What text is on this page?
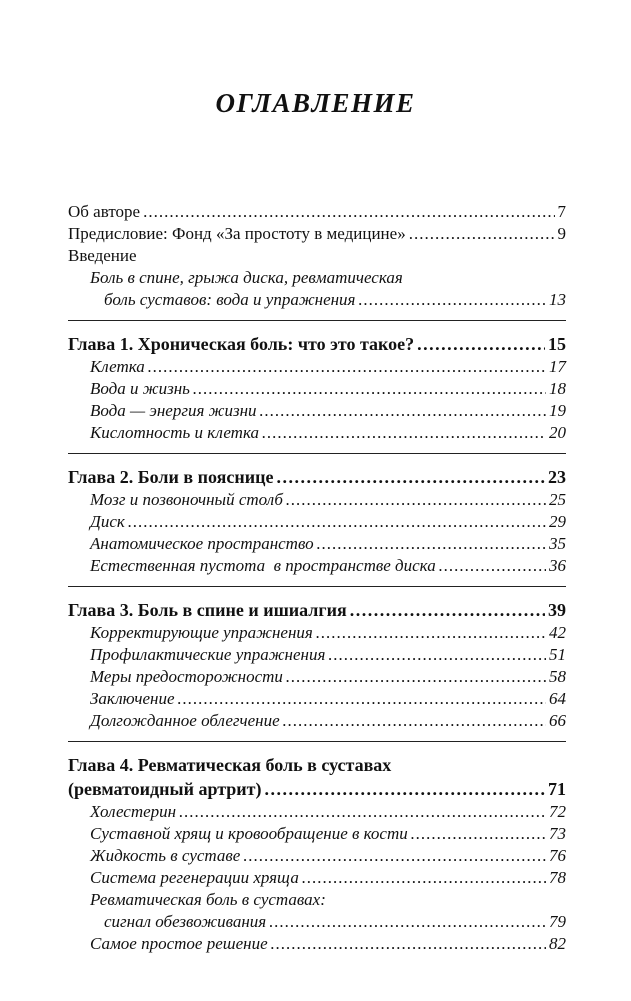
ОГЛАВЛЕНИЕ
Об авторе .....	7
Предисловие: Фонд «За простоту в медицине» .....	9
Введение
Боль в спине, грыжа диска, ревматическая
боль суставов: вода и упражнения .....	13
Глава 1. Хроническая боль: что это такое? .....	15
Клетка .....	17
Вода и жизнь .....	18
Вода — энергия жизни .....	19
Кислотность и клетка .....	20
Глава 2. Боли в пояснице .....	23
Мозг и позвоночный столб .....	25
Диск .....	29
Анатомическое пространство .....	35
Естественная пустота  в пространстве диска .....	36
Глава 3. Боль в спине и ишиалгия .....	39
Корректирующие упражнения .....	42
Профилактические упражнения .....	51
Меры предосторожности .....	58
Заключение .....	64
Долгожданное облегчение .....	66
Глава 4. Ревматическая боль в суставах
(ревматоидный артрит) .....	71
Холестерин .....	72
Суставной хрящ и кровообращение в кости .....	73
Жидкость в суставе .....	76
Система регенерации хряща .....	78
Ревматическая боль в суставах:
сигнал обезвоживания .....	79
Самое простое решение .....	82
